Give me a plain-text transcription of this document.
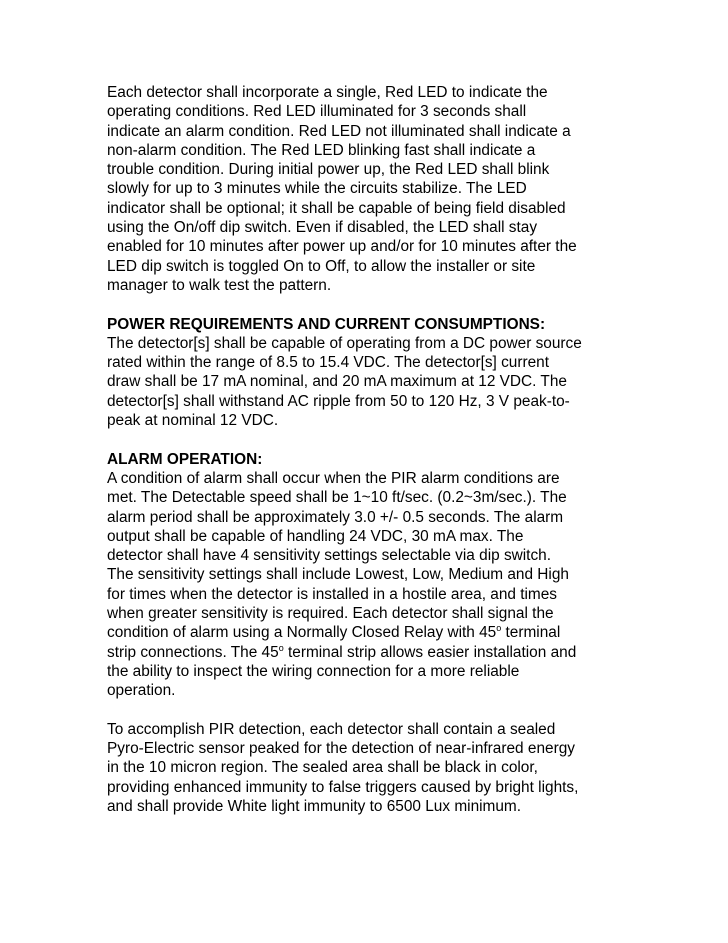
Each detector shall incorporate a single, Red LED to indicate the
operating conditions. Red LED illuminated for 3 seconds shall
indicate an alarm condition. Red LED not illuminated shall indicate a
non-alarm condition. The Red LED blinking fast shall indicate a
trouble condition. During initial power up, the Red LED shall blink
slowly for up to 3 minutes while the circuits stabilize. The LED
indicator shall be optional; it shall be capable of being field disabled
using the On/off dip switch. Even if disabled, the LED shall stay
enabled for 10 minutes after power up and/or for 10 minutes after the
LED dip switch is toggled On to Off, to allow the installer or site
manager to walk test the pattern.

POWER REQUIREMENTS AND CURRENT CONSUMPTIONS:
The detector[s] shall be capable of operating from a DC power source
rated within the range of 8.5 to 15.4 VDC. The detector[s] current
draw shall be 17 mA nominal, and 20 mA maximum at 12 VDC. The
detector[s] shall withstand AC ripple from 50 to 120 Hz, 3 V peak-to-
peak at nominal 12 VDC.

ALARM OPERATION:
A condition of alarm shall occur when the PIR alarm conditions are
met. The Detectable speed shall be 1~10 ft/sec. (0.2~3m/sec.). The
alarm period shall be approximately 3.0 +/- 0.5 seconds. The alarm
output shall be capable of handling 24 VDC, 30 mA max. The
detector shall have 4 sensitivity settings selectable via dip switch.
The sensitivity settings shall include Lowest, Low, Medium and High
for times when the detector is installed in a hostile area, and times
when greater sensitivity is required. Each detector shall signal the
condition of alarm using a Normally Closed Relay with 45$^o$ terminal
strip connections. The 45$^o$ terminal strip allows easier installation and
the ability to inspect the wiring connection for a more reliable
operation.

To accomplish PIR detection, each detector shall contain a sealed
Pyro-Electric sensor peaked for the detection of near-infrared energy
in the 10 micron region. The sealed area shall be black in color,
providing enhanced immunity to false triggers caused by bright lights,
and shall provide White light immunity to 6500 Lux minimum.
